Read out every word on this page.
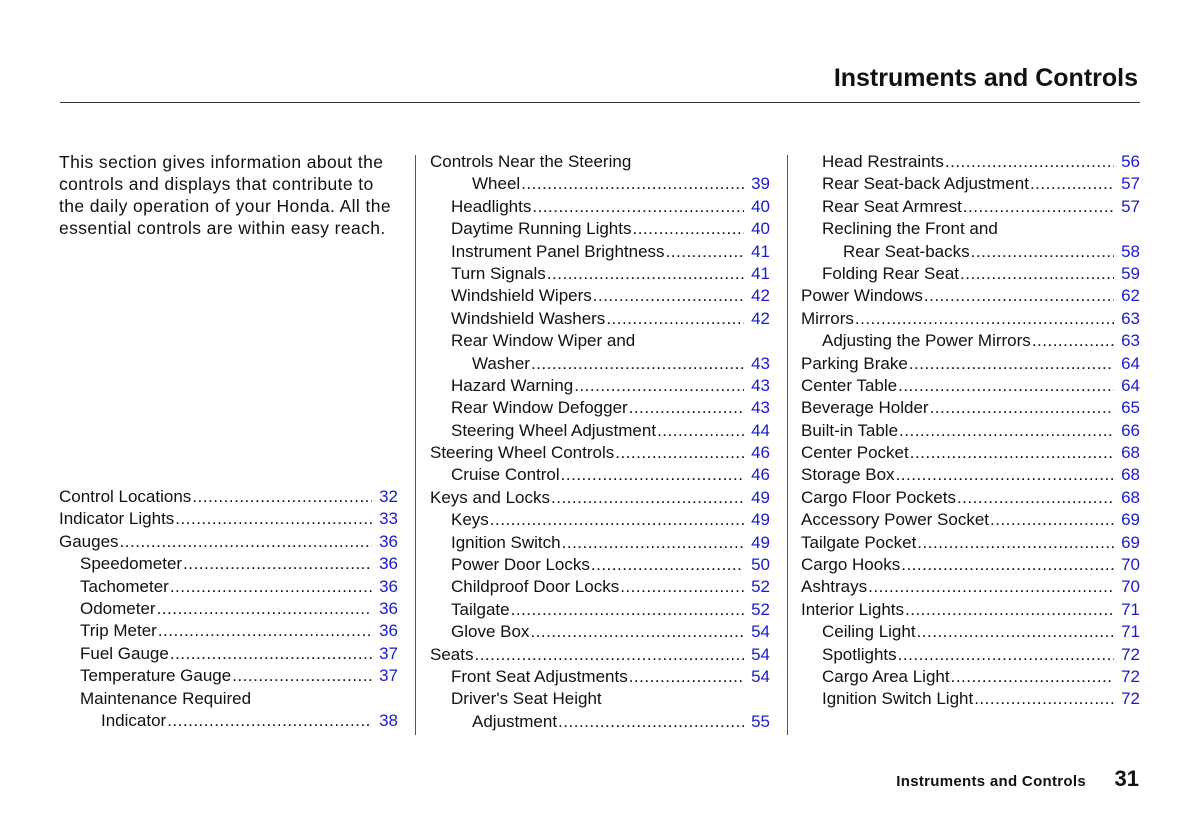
Instruments and Controls
This section gives information about the controls and displays that contribute to the daily operation of your Honda. All the essential controls are within easy reach.
Control Locations .....	32
Indicator Lights .....	33
Gauges .....	36
Speedometer .....	36
Tachometer .....	36
Odometer .....	36
Trip Meter .....	36
Fuel Gauge .....	37
Temperature Gauge .....	37
Maintenance Required
Indicator .....	38
Controls Near the Steering
Wheel .....	39
Headlights .....	40
Daytime Running Lights .....	40
Instrument Panel Brightness .....	41
Turn Signals .....	41
Windshield Wipers .....	42
Windshield Washers .....	42
Rear Window Wiper and
Washer .....	43
Hazard Warning .....	43
Rear Window Defogger .....	43
Steering Wheel Adjustment .....	44
Steering Wheel Controls .....	46
Cruise Control .....	46
Keys and Locks .....	49
Keys .....	49
Ignition Switch .....	49
Power Door Locks .....	50
Childproof Door Locks .....	52
Tailgate .....	52
Glove Box .....	54
Seats .....	54
Front Seat Adjustments .....	54
Driver's Seat Height
Adjustment .....	55
Head Restraints .....	56
Rear Seat-back Adjustment .....	57
Rear Seat Armrest .....	57
Reclining the Front and
Rear Seat-backs .....	58
Folding Rear Seat .....	59
Power Windows .....	62
Mirrors .....	63
Adjusting the Power Mirrors .....	63
Parking Brake .....	64
Center Table .....	64
Beverage Holder .....	65
Built-in Table .....	66
Center Pocket .....	68
Storage Box .....	68
Cargo Floor Pockets .....	68
Accessory Power Socket .....	69
Tailgate Pocket .....	69
Cargo Hooks .....	70
Ashtrays .....	70
Interior Lights .....	71
Ceiling Light .....	71
Spotlights .....	72
Cargo Area Light .....	72
Ignition Switch Light .....	72
Instruments and Controls 31
